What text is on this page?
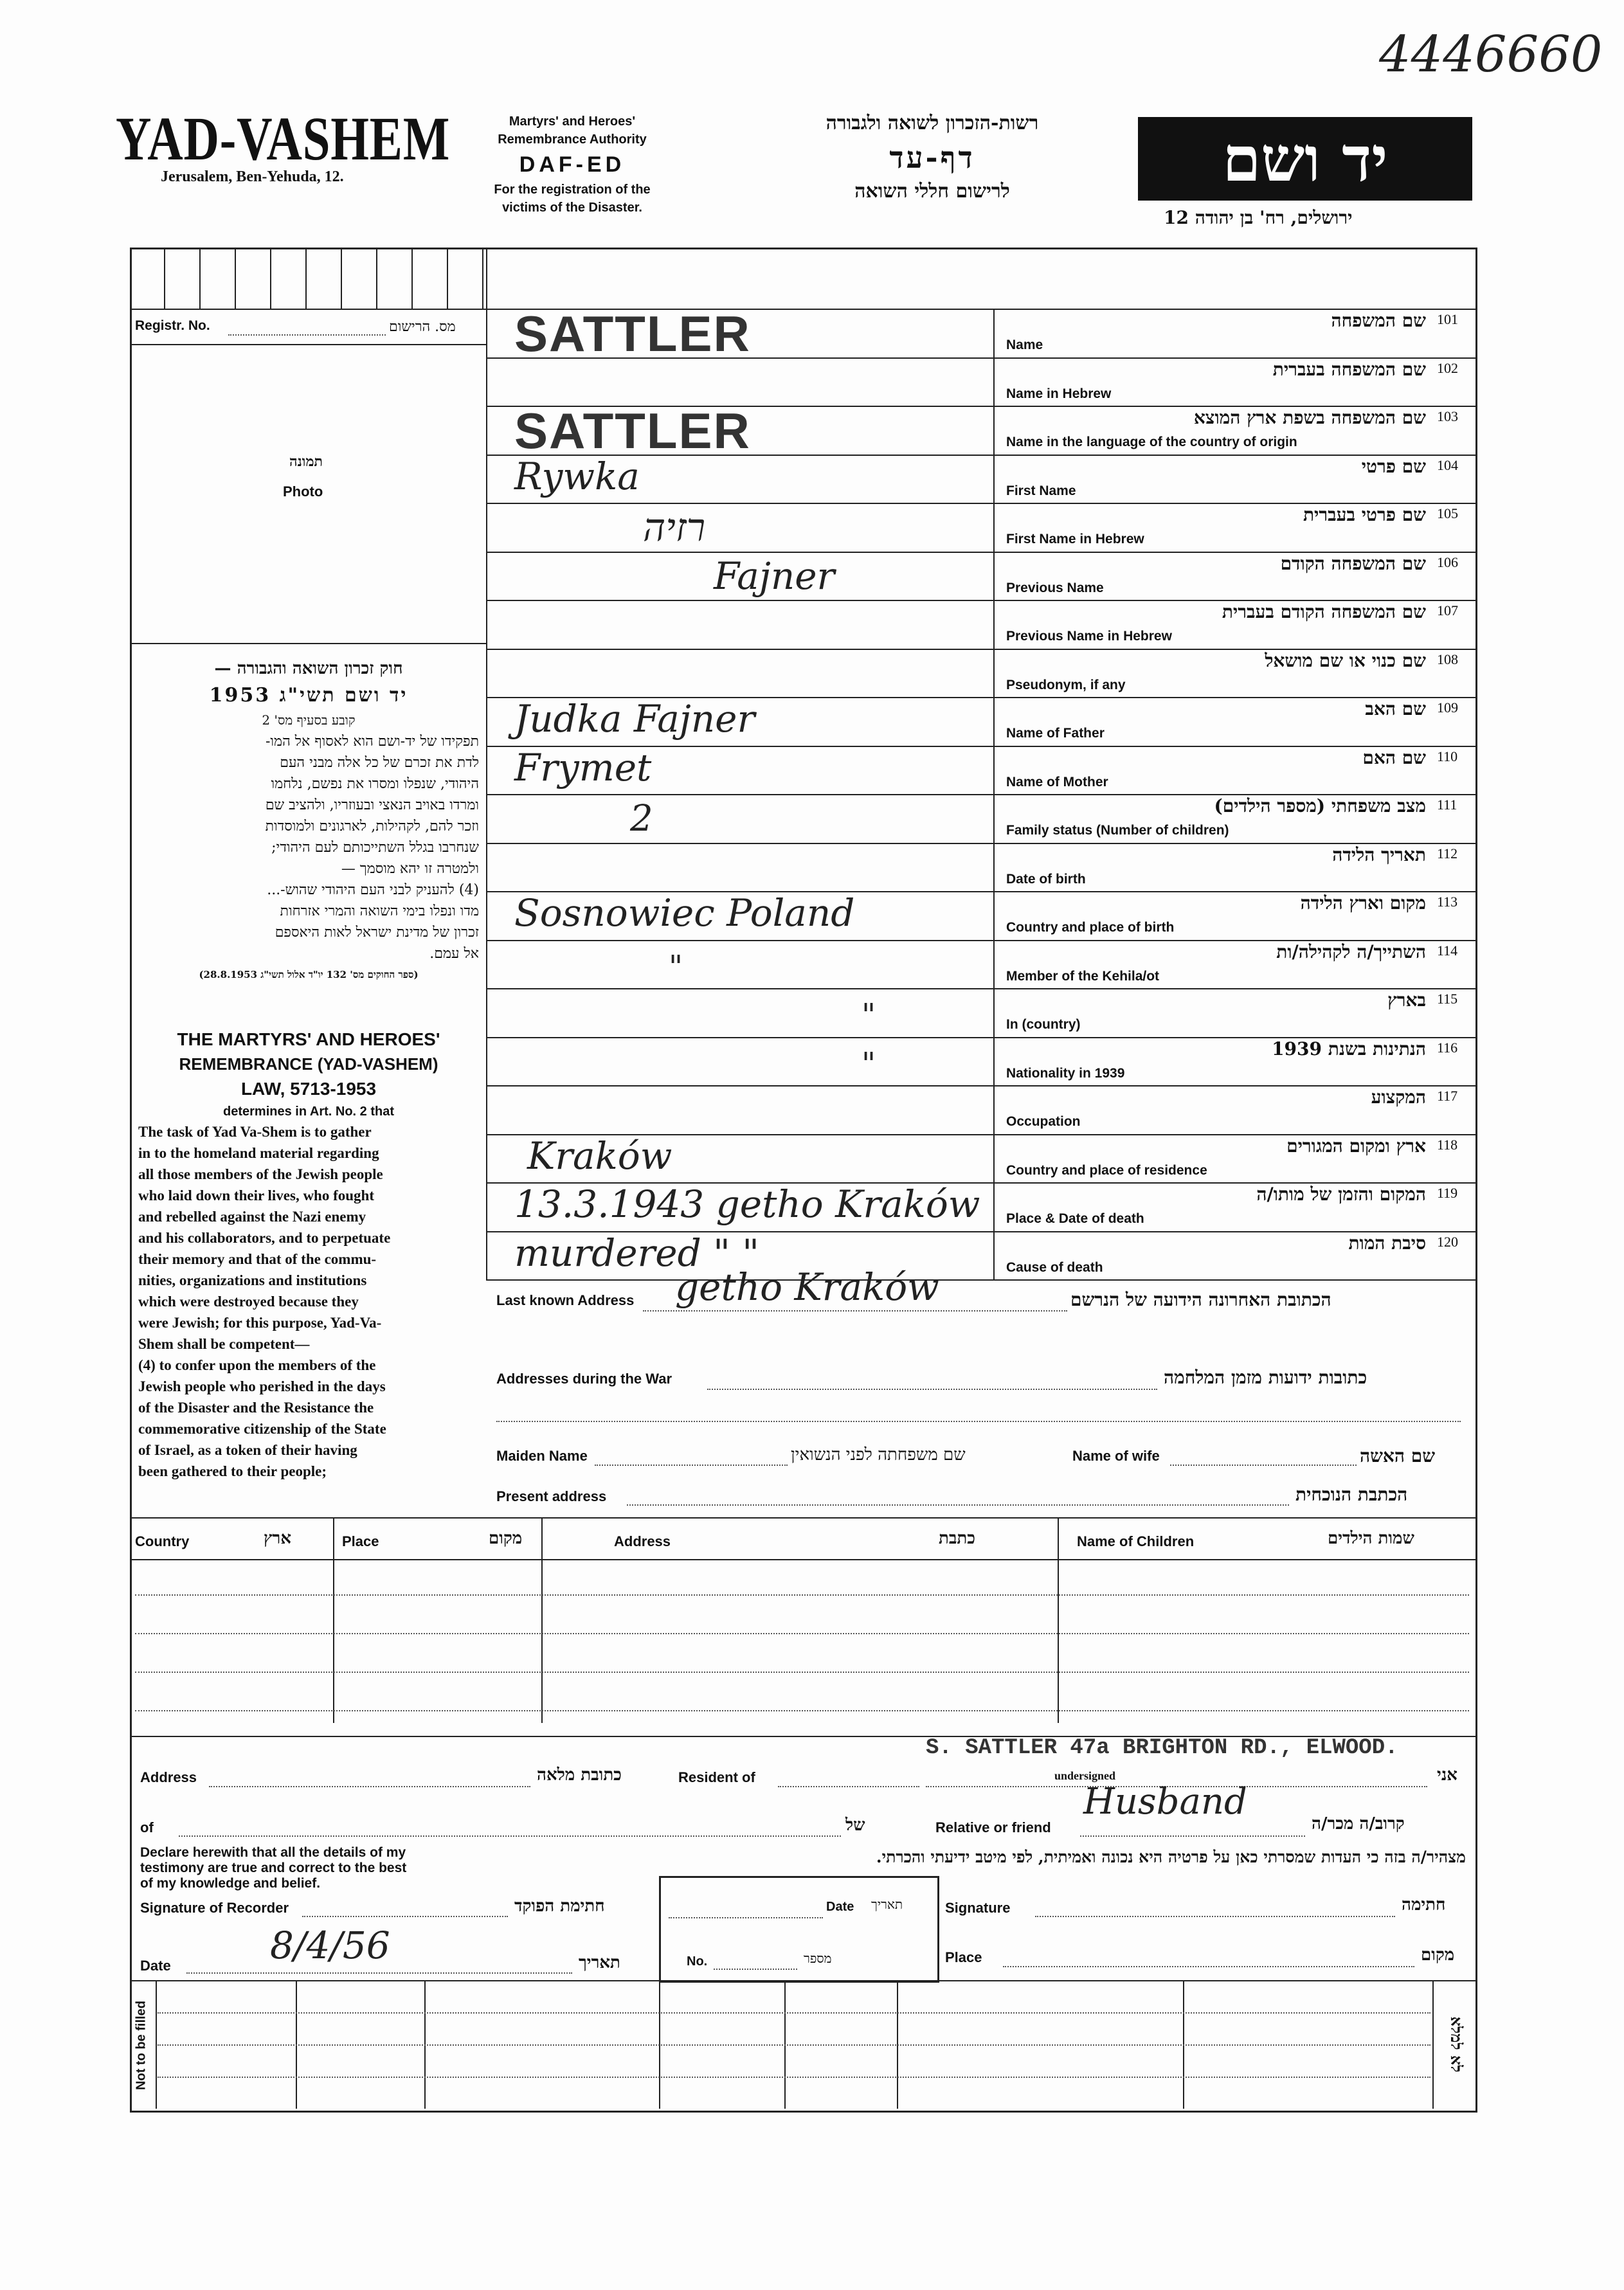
4446660
YAD-VASHEM
Jerusalem, Ben-Yehuda, 12.
Martyrs' and Heroes'
Remembrance Authority
DAF-ED
For the registration of the
victims of the Disaster.
רשות-הזכרון לשואה ולגבורה
דף-עד
לרישום חללי השואה	יד ושם
ירושלים, רח' בן יהודה 12
Registr. No.	מס. הרישום
תמונה
Photo
חוק זכרון השואה והגבורה —
יד ושם תשי"ג 1953
קובע בסעיף מס' 2
תפקידו של יד-ושם הוא לאסוף אל המו-
לדת את זכרם של כל אלה מבני העם
היהודי, שנפלו ומסרו את נפשם, נלחמו
ומרדו באויב הנאצי ובעוזריו, ולהציב שם
וזכר להם, לקהילות, לארגונים ולמוסדות
שנחרבו בגלל השתייכותם לעם היהודי;
ולמטרה זו יהא מוסמך —
(4) להעניק לבני העם היהודי שהוש-...
מדו ונפלו בימי השואה והמרי אזרחות
זכרון של מדינת ישראל לאות היאספם
אל עמם.
(ספר החוקים מס' 132 יו"ד אלול תשי"ג 28.8.1953)
THE MARTYRS' AND HEROES'
REMEMBRANCE (YAD-VASHEM)
LAW, 5713-1953
determines in Art. No. 2 that
The task of Yad Va-Shem is to gather
in to the homeland material regarding
all those members of the Jewish people
who laid down their lives, who fought
and rebelled against the Nazi enemy
and his collaborators, and to perpetuate
their memory and that of the commu-
nities, organizations and institutions
which were destroyed because they
were Jewish; for this purpose, Yad-Va-
Shem shall be competent—
(4) to confer upon the members of the
Jewish people who perished in the days
of the Disaster and the Resistance the
commemorative citizenship of the State
of Israel, as a token of their having
been gathered to their people;
שם המשפחה 101
Name
SATTLER
שם המשפחה בעברית 102
Name in Hebrew
שם המשפחה בשפת ארץ המוצא 103
Name in the language of the country of origin
SATTLER
שם פרטי 104
First Name
Rywka
שם פרטי בעברית 105
First Name in Hebrew
רזיה
שם המשפחה הקודם 106
Previous Name
Fajner
שם המשפחה הקודם בעברית 107
Previous Name in Hebrew
שם כנוי או שם מושאל 108
Pseudonym, if any
שם האב 109
Name of Father
Judka Fajner
שם האם 110
Name of Mother
Frymet
מצב משפחתי (מספר הילדים) 111
Family status (Number of children)
2
תאריך הלידה 112
Date of birth
מקום וארץ הלידה 113
Country and place of birth
Sosnowiec Poland
השתייך/ה לקהילה/ות 114
Member of the Kehila/ot
"
בארץ 115
In (country)
"
הנתינות בשנת 1939 116
Nationality in 1939
"
המקצוע 117
Occupation
ארץ ומקום המגורים 118
Country and place of residence
Kraków
המקום והזמן של מותו/ה 119
Place & Date of death
13.3.1943 getho Kraków
סיבת המות 120
Cause of death
murdered " "
Last known Address getho Kraków	הכתובת האחרונה הידועה של הנרשם
Addresses during the War	כתובות ידועות מזמן המלחמה
Maiden Name	שם משפחתה לפני הנשואין	Name of wife	שם האשה
Present address	הכתבת הנוכחית
Country	ארץ	Place	מקום	Address	כתבת	Name of Children	שמות הילדים
Address	כתובת מלאה	Resident of
S. SATTLER 47a BRIGHTON RD., ELWOOD.
undersigned	אני
of	של	Relative or friend
Husband
קרוב/ה מכר/ה
Declare herewith that all the details of my
testimony are true and correct to the best
of my knowledge and belief.
מצהיר/ה בזה כי העדות שמסרתי כאן על פרטיה היא נכונה ואמיתית, לפי מיטב ידיעתי והכרתי.
Signature of Recorder	חתימת הפוקד
Date	8/4/56	תאריך
Date תאריך
No.	מספר
Signature	חתימה
Place	מקום
Not to be filled	לא למלא
